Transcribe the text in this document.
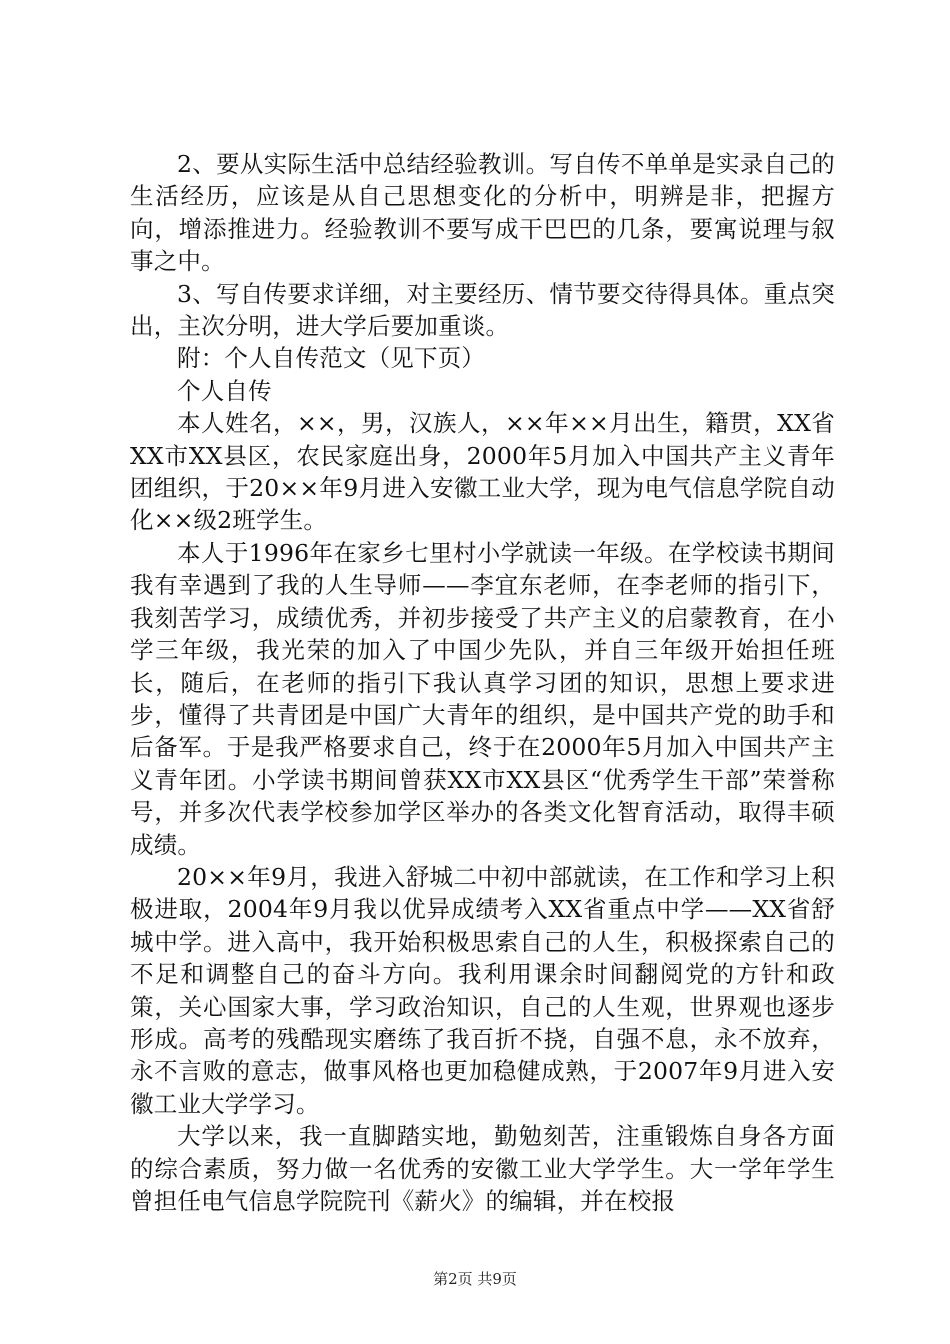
2、要从实际生活中总结经验教训。写自传不单单是实录自己的生活经历，应该是从自己思想变化的分析中，明辨是非，把握方向，增添推进力。经验教训不要写成干巴巴的几条，要寓说理与叙事之中。

3、写自传要求详细，对主要经历、情节要交待得具体。重点突出，主次分明，进大学后要加重谈。

附：个人自传范文（见下页）

个人自传

本人姓名，××，男，汉族人，××年××月出生，籍贯，XX省XX市XX县区，农民家庭出身，2000年5月加入中国共产主义青年团组织，于20××年9月进入安徽工业大学，现为电气信息学院自动化××级2班学生。

本人于1996年在家乡七里村小学就读一年级。在学校读书期间我有幸遇到了我的人生导师——李宜东老师，在李老师的指引下，我刻苦学习，成绩优秀，并初步接受了共产主义的启蒙教育，在小学三年级，我光荣的加入了中国少先队，并自三年级开始担任班长，随后，在老师的指引下我认真学习团的知识，思想上要求进步，懂得了共青团是中国广大青年的组织，是中国共产党的助手和后备军。于是我严格要求自己，终于在2000年5月加入中国共产主义青年团。小学读书期间曾获XX市XX县区“优秀学生干部”荣誉称号，并多次代表学校参加学区举办的各类文化智育活动，取得丰硕成绩。

20××年9月，我进入舒城二中初中部就读，在工作和学习上积极进取，2004年9月我以优异成绩考入XX省重点中学——XX省舒城中学。进入高中，我开始积极思索自己的人生，积极探索自己的不足和调整自己的奋斗方向。我利用课余时间翻阅党的方针和政策，关心国家大事，学习政治知识，自己的人生观，世界观也逐步形成。高考的残酷现实磨练了我百折不挠，自强不息，永不放弃，永不言败的意志，做事风格也更加稳健成熟，于2007年9月进入安徽工业大学学习。

大学以来，我一直脚踏实地，勤勉刻苦，注重锻炼自身各方面的综合素质，努力做一名优秀的安徽工业大学学生。大一学年学生曾担任电气信息学院院刊《薪火》的编辑，并在校报

第2页 共9页
